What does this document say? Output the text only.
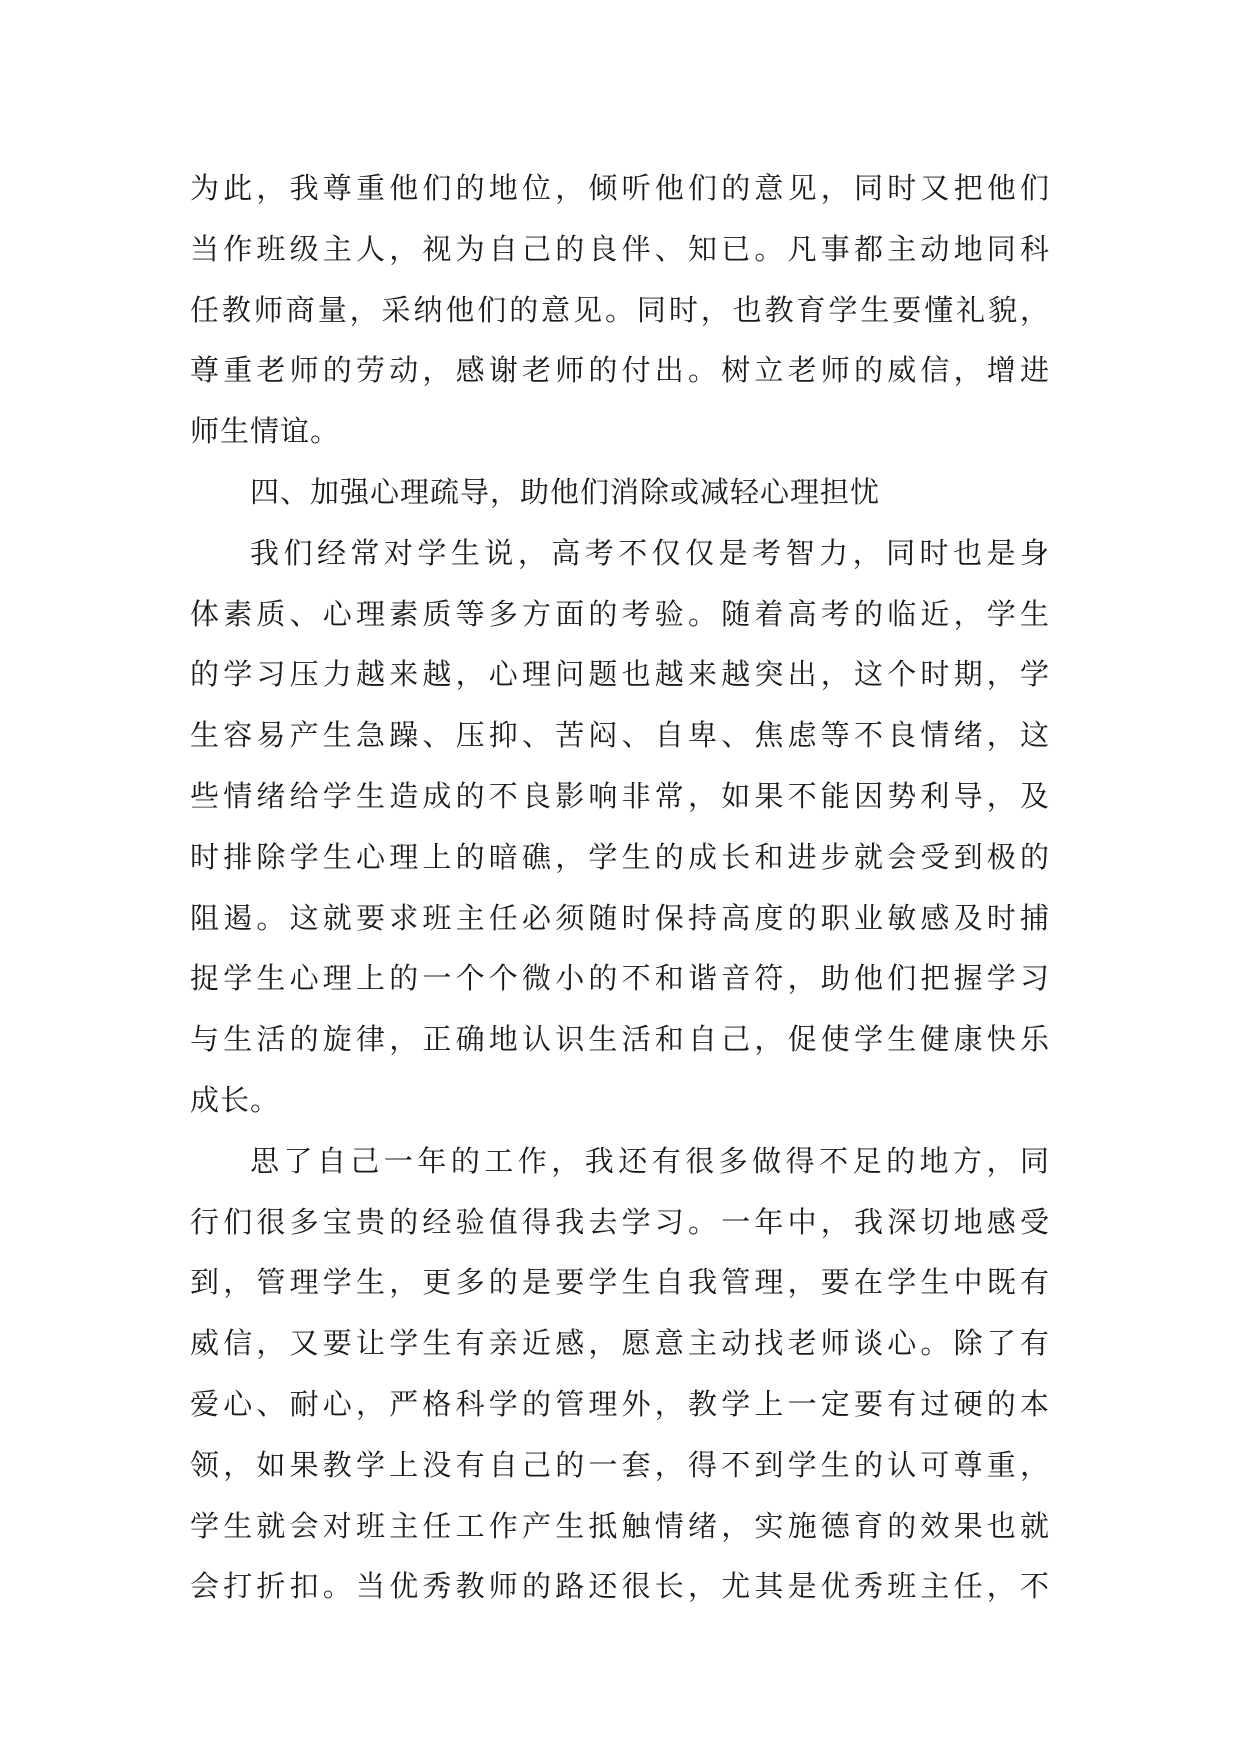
为此，我尊重他们的地位，倾听他们的意见，同时又把他们
当作班级主人，视为自己的良伴、知已。凡事都主动地同科
任教师商量，采纳他们的意见。同时，也教育学生要懂礼貌，
尊重老师的劳动，感谢老师的付出。树立老师的威信，增进
师生情谊。
四、加强心理疏导，助他们消除或减轻心理担忧
我们经常对学生说，高考不仅仅是考智力，同时也是身
体素质、心理素质等多方面的考验。随着高考的临近，学生
的学习压力越来越，心理问题也越来越突出，这个时期，学
生容易产生急躁、压抑、苦闷、自卑、焦虑等不良情绪，这
些情绪给学生造成的不良影响非常，如果不能因势利导，及
时排除学生心理上的暗礁，学生的成长和进步就会受到极的
阻遏。这就要求班主任必须随时保持高度的职业敏感及时捕
捉学生心理上的一个个微小的不和谐音符，助他们把握学习
与生活的旋律，正确地认识生活和自己，促使学生健康快乐
成长。
思了自己一年的工作，我还有很多做得不足的地方，同
行们很多宝贵的经验值得我去学习。一年中，我深切地感受
到，管理学生，更多的是要学生自我管理，要在学生中既有
威信，又要让学生有亲近感，愿意主动找老师谈心。除了有
爱心、耐心，严格科学的管理外，教学上一定要有过硬的本
领，如果教学上没有自己的一套，得不到学生的认可尊重，
学生就会对班主任工作产生抵触情绪，实施德育的效果也就
会打折扣。当优秀教师的路还很长，尤其是优秀班主任，不
